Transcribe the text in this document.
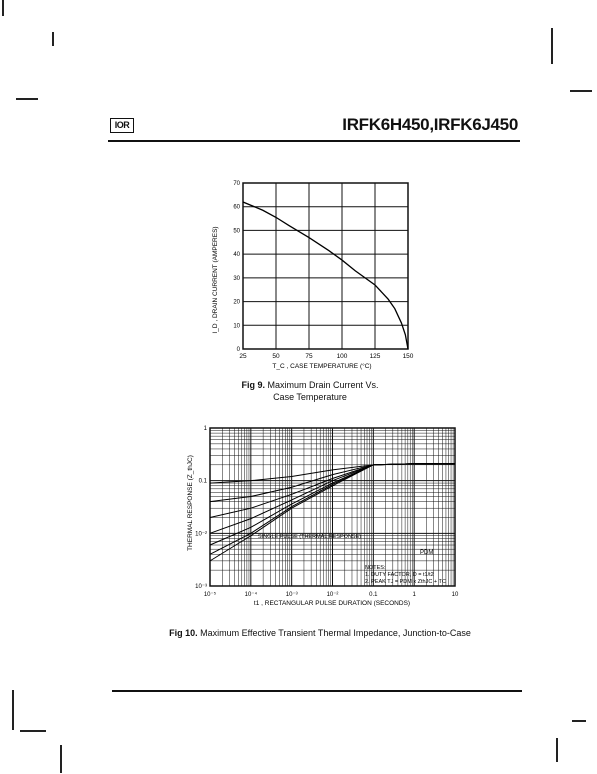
IOR	IRFK6H450,IRFK6J450
I_D , DRAIN CURRENT (AMPERES)
T_C , CASE TEMPERATURE (°C)
25	50	75	100	125	150
0
10
20
30
40
50
60
70
Fig 9. Maximum Drain Current Vs.
Case Temperature
THERMAL RESPONSE (Z_thJC)
t1 , RECTANGULAR PULSE DURATION (SECONDS)
10⁻⁵	10⁻⁴	10⁻³	10⁻²	0.1	1	10
1
0.1
10⁻²
10⁻³
SINGLE PULSE (THERMAL RESPONSE)
PDM
NOTES:
1. DUTY FACTOR, D = t1/t2
2. PEAK TJ = PDM x ZthJC + TC
Fig 10. Maximum Effective Transient Thermal Impedance, Junction-to-Case
